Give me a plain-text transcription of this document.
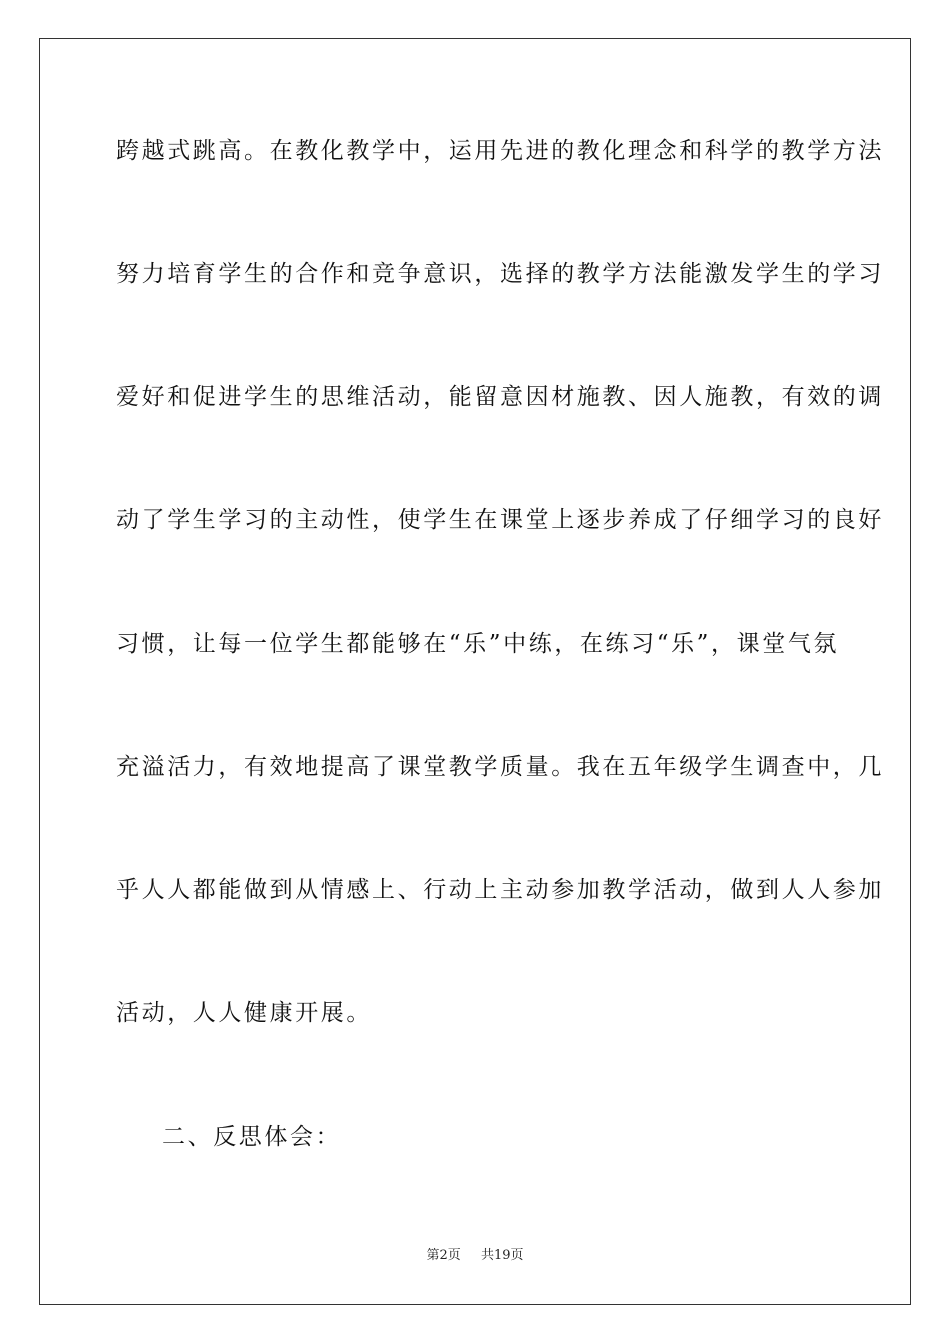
跨越式跳高。在教化教学中，运用先进的教化理念和科学的教学方法
努力培育学生的合作和竞争意识，选择的教学方法能激发学生的学习
爱好和促进学生的思维活动，能留意因材施教、因人施教，有效的调
动了学生学习的主动性，使学生在课堂上逐步养成了仔细学习的良好
习惯，让每一位学生都能够在“乐”中练，在练习“乐”，课堂气氛
充溢活力，有效地提高了课堂教学质量。我在五年级学生调查中，几
乎人人都能做到从情感上、行动上主动参加教学活动，做到人人参加
活动，人人健康开展。
二、反思体会：
第2页 共19页
